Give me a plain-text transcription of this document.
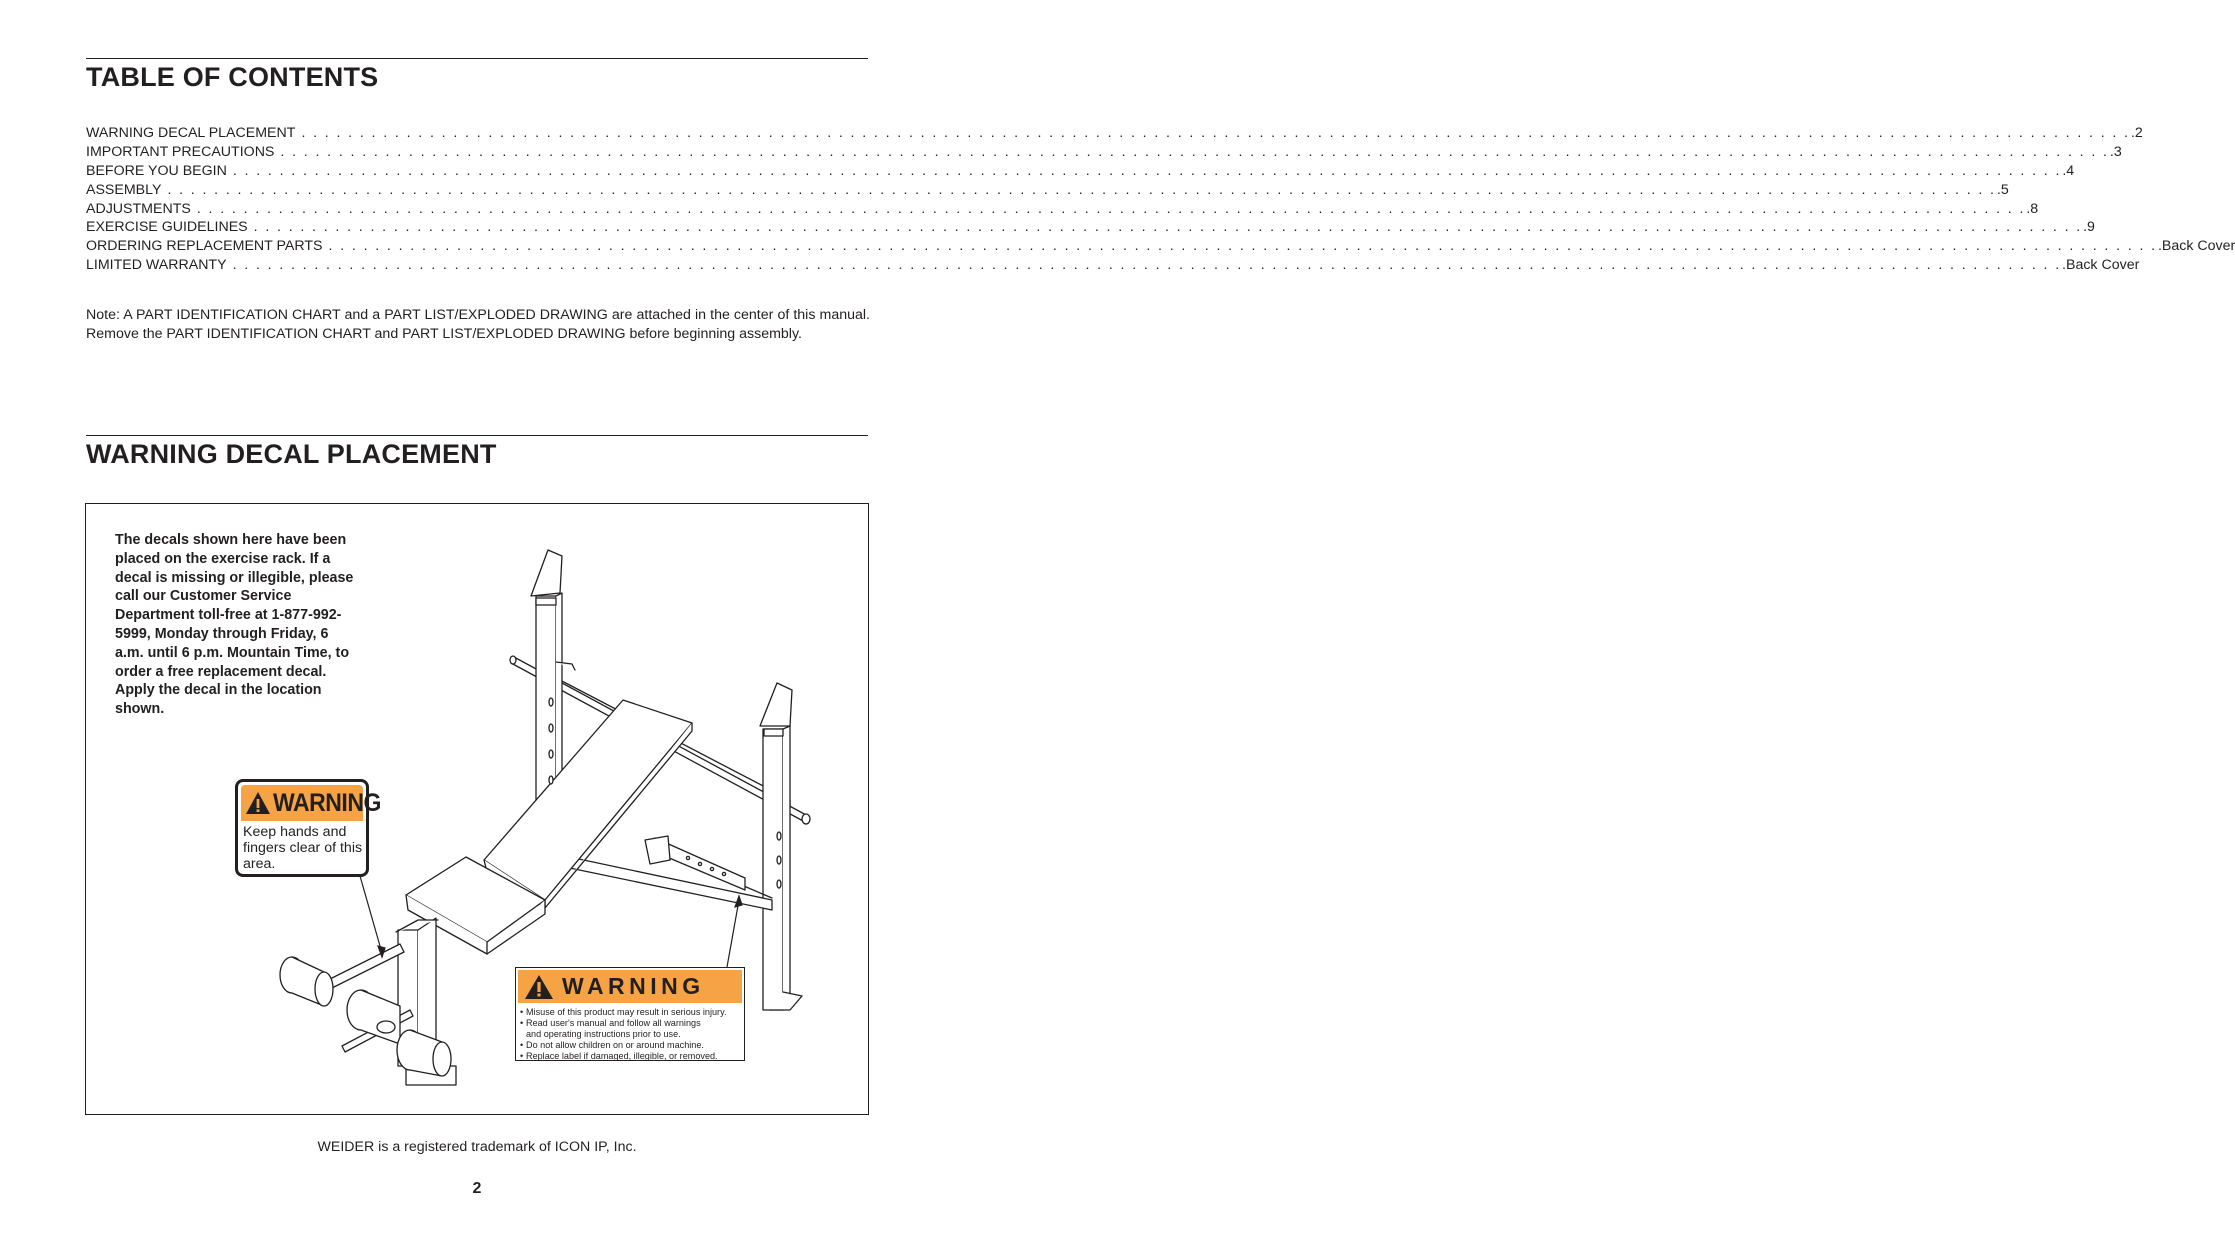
TABLE OF CONTENTS
WARNING DECAL PLACEMENT . . .	.2
IMPORTANT PRECAUTIONS . . .	.3
BEFORE YOU BEGIN . . .	.4
ASSEMBLY . . .	.5
ADJUSTMENTS . . .	.8
EXERCISE GUIDELINES . . .	.9
ORDERING REPLACEMENT PARTS . . .	.Back Cover
LIMITED WARRANTY . . .	.Back Cover

Note: A PART IDENTIFICATION CHART and a PART LIST/EXPLODED DRAWING are attached in the center of this manual. Remove the PART IDENTIFICATION CHART and PART LIST/EXPLODED DRAWING before beginning assembly.

WARNING DECAL PLACEMENT

The decals shown here have been placed on the exercise rack. If a decal is missing or illegible, please call our Customer Service Department toll-free at 1-877-992-5999, Monday through Friday, 6 a.m. until 6 p.m. Mountain Time, to order a free replacement decal. Apply the decal in the location shown.

WARNING
Keep hands and fingers clear of this area.
WARNING
• Misuse of this product may result in serious injury.
• Read user's manual and follow all warnings
and operating instructions prior to use.
• Do not allow children on or around machine.
• Replace label if damaged, illegible, or removed.
WEIDER is a registered trademark of ICON IP, Inc.
2
